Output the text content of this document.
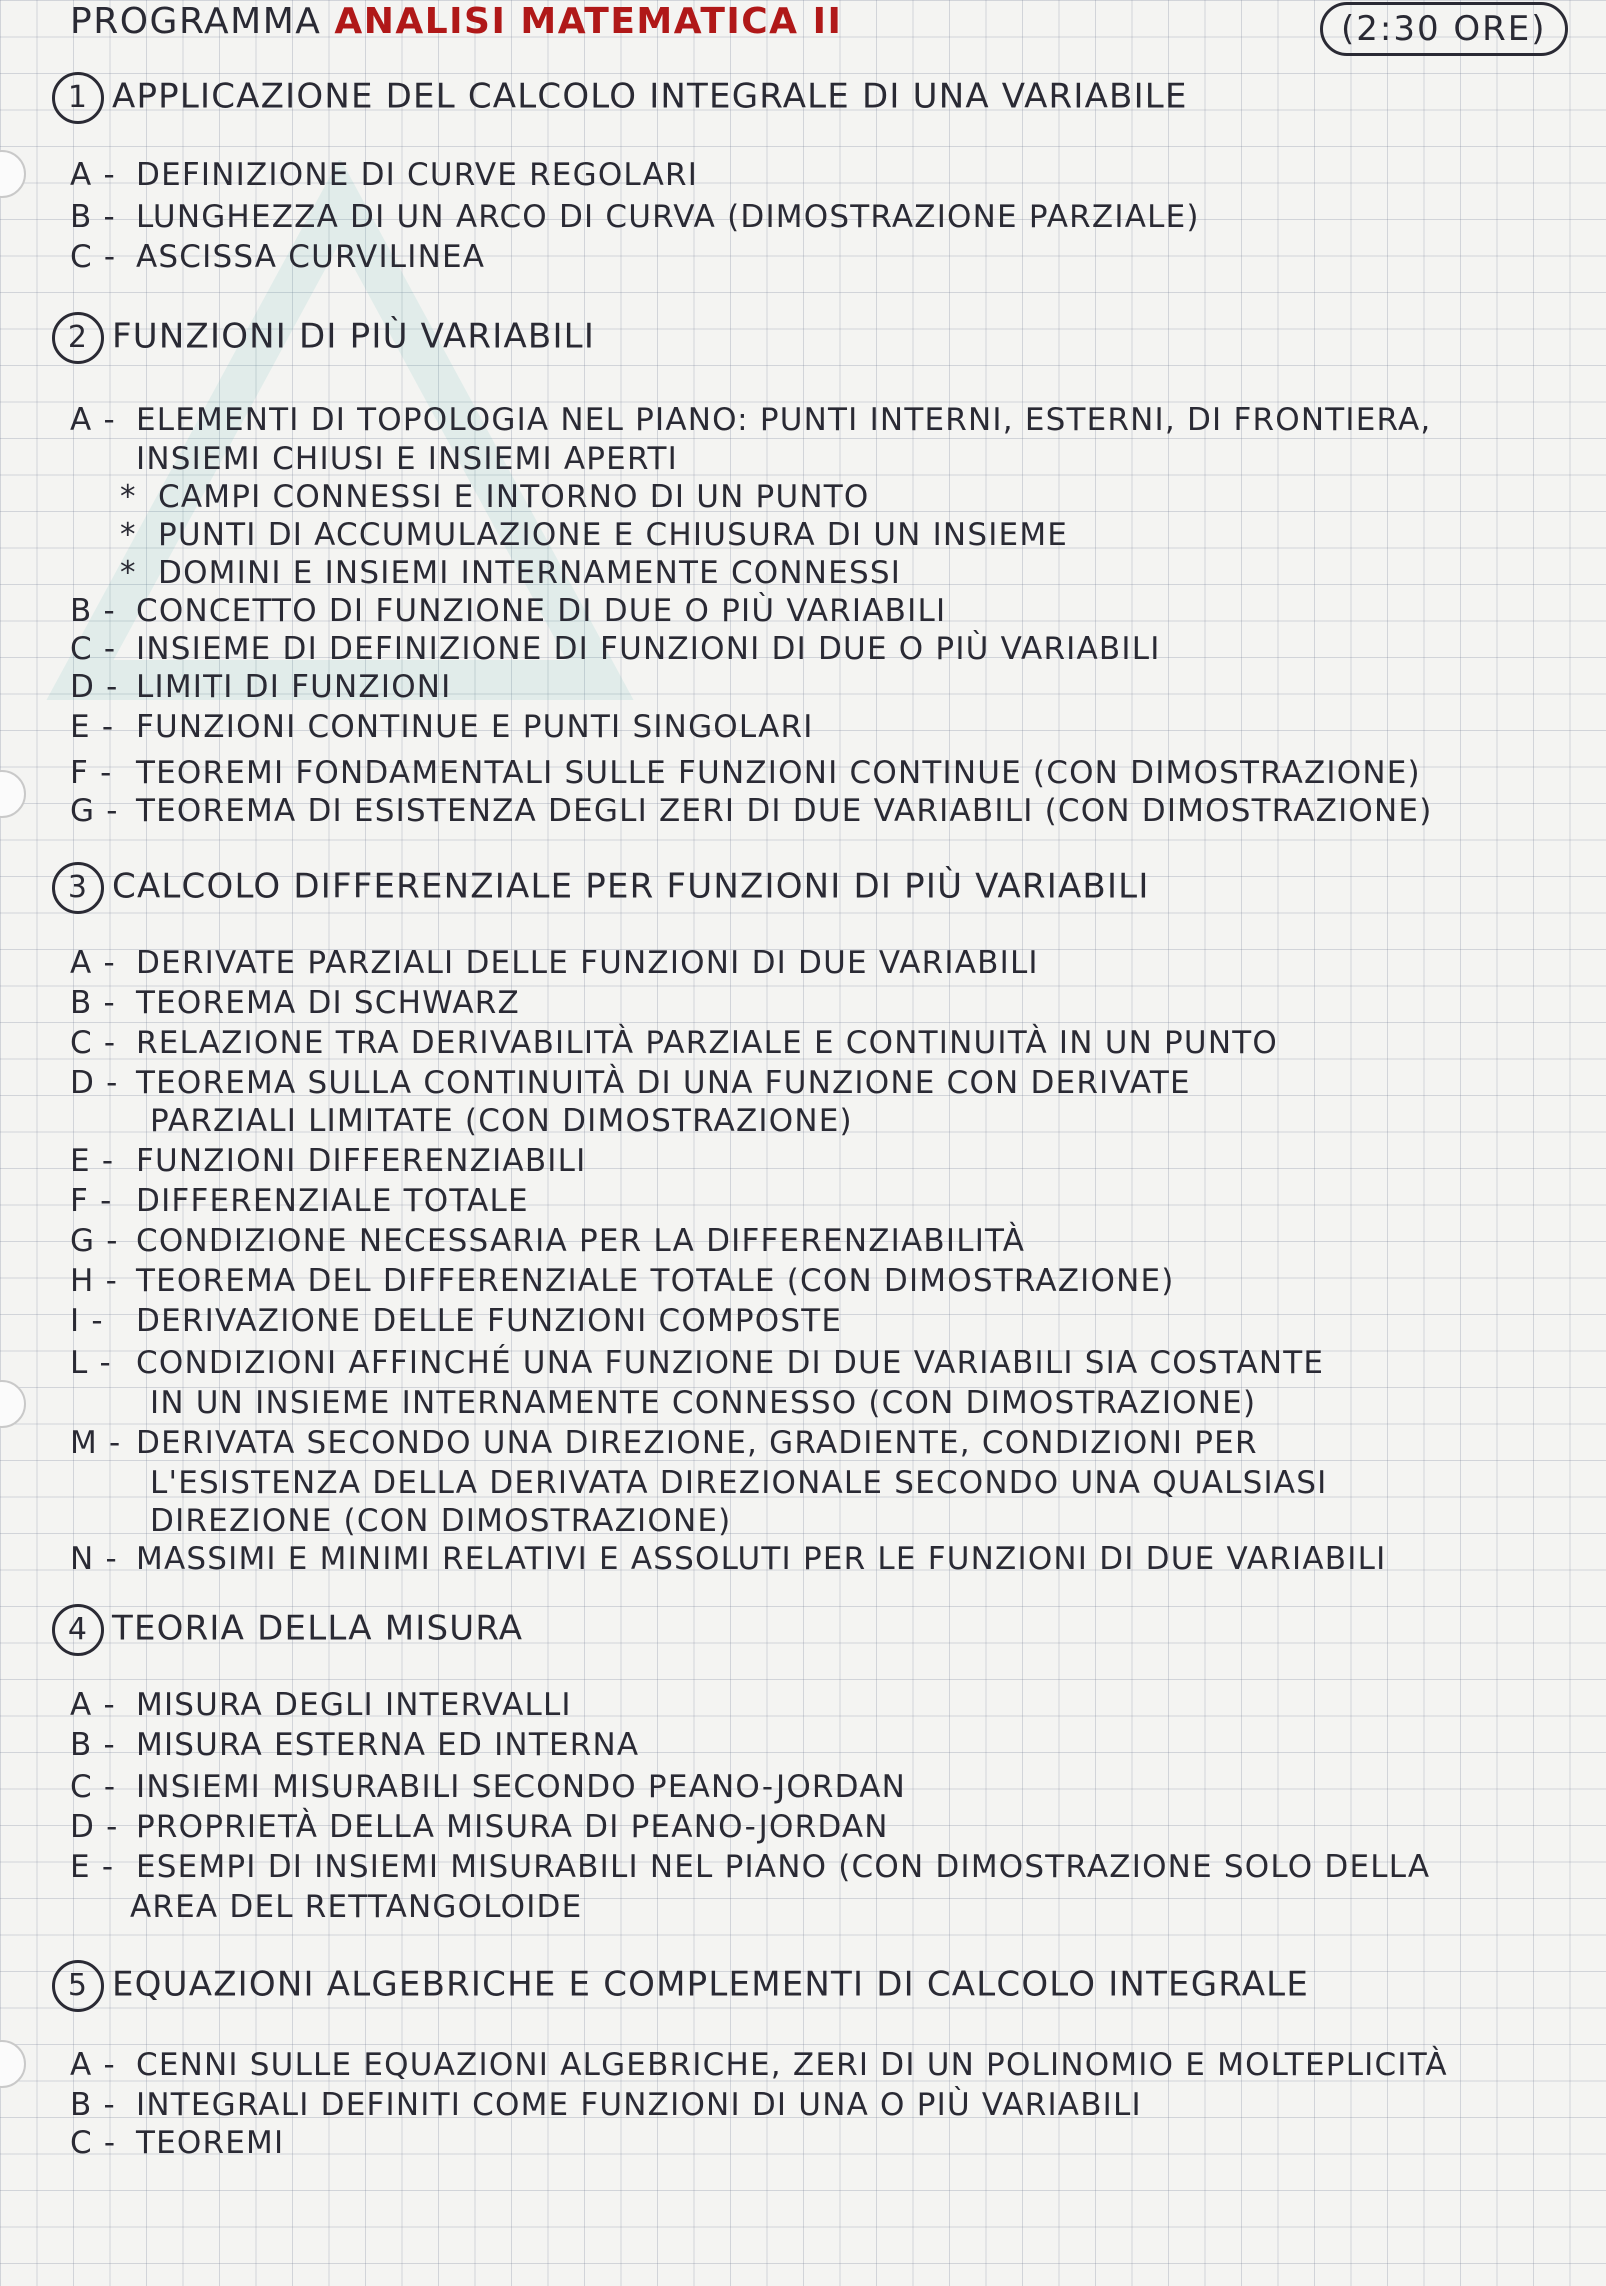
PROGRAMMA ANALISI MATEMATICA II	(2:30 ORE)
1 APPLICAZIONE DEL CALCOLO INTEGRALE DI UNA VARIABILE
A - DEFINIZIONE DI CURVE REGOLARI
B - LUNGHEZZA DI UN ARCO DI CURVA (DIMOSTRAZIONE PARZIALE)
C - ASCISSA CURVILINEA
2 FUNZIONI DI PIÙ VARIABILI
A - ELEMENTI DI TOPOLOGIA NEL PIANO: PUNTI INTERNI, ESTERNI, DI FRONTIERA,
INSIEMI CHIUSI E INSIEMI APERTI
* CAMPI CONNESSI E INTORNO DI UN PUNTO
* PUNTI DI ACCUMULAZIONE E CHIUSURA DI UN INSIEME
* DOMINI E INSIEMI INTERNAMENTE CONNESSI
B - CONCETTO DI FUNZIONE DI DUE O PIÙ VARIABILI
C - INSIEME DI DEFINIZIONE DI FUNZIONI DI DUE O PIÙ VARIABILI
D - LIMITI DI FUNZIONI
E - FUNZIONI CONTINUE E PUNTI SINGOLARI
F - TEOREMI FONDAMENTALI SULLE FUNZIONI CONTINUE (CON DIMOSTRAZIONE)
G - TEOREMA DI ESISTENZA DEGLI ZERI DI DUE VARIABILI (CON DIMOSTRAZIONE)
3 CALCOLO DIFFERENZIALE PER FUNZIONI DI PIÙ VARIABILI
A - DERIVATE PARZIALI DELLE FUNZIONI DI DUE VARIABILI
B - TEOREMA DI SCHWARZ
C - RELAZIONE TRA DERIVABILITÀ PARZIALE E CONTINUITÀ IN UN PUNTO
D - TEOREMA SULLA CONTINUITÀ DI UNA FUNZIONE CON DERIVATE
PARZIALI LIMITATE (CON DIMOSTRAZIONE)
E - FUNZIONI DIFFERENZIABILI
F - DIFFERENZIALE TOTALE
G - CONDIZIONE NECESSARIA PER LA DIFFERENZIABILITÀ
H - TEOREMA DEL DIFFERENZIALE TOTALE (CON DIMOSTRAZIONE)
I - DERIVAZIONE DELLE FUNZIONI COMPOSTE
L - CONDIZIONI AFFINCHÉ UNA FUNZIONE DI DUE VARIABILI SIA COSTANTE
IN UN INSIEME INTERNAMENTE CONNESSO (CON DIMOSTRAZIONE)
M - DERIVATA SECONDO UNA DIREZIONE, GRADIENTE, CONDIZIONI PER
L'ESISTENZA DELLA DERIVATA DIREZIONALE SECONDO UNA QUALSIASI
DIREZIONE (CON DIMOSTRAZIONE)
N - MASSIMI E MINIMI RELATIVI E ASSOLUTI PER LE FUNZIONI DI DUE VARIABILI
4 TEORIA DELLA MISURA
A - MISURA DEGLI INTERVALLI
B - MISURA ESTERNA ED INTERNA
C - INSIEMI MISURABILI SECONDO PEANO-JORDAN
D - PROPRIETÀ DELLA MISURA DI PEANO-JORDAN
E - ESEMPI DI INSIEMI MISURABILI NEL PIANO (CON DIMOSTRAZIONE SOLO DELLA
AREA DEL RETTANGOLOIDE
5 EQUAZIONI ALGEBRICHE E COMPLEMENTI DI CALCOLO INTEGRALE
A - CENNI SULLE EQUAZIONI ALGEBRICHE, ZERI DI UN POLINOMIO E MOLTEPLICITÀ
B - INTEGRALI DEFINITI COME FUNZIONI DI UNA O PIÙ VARIABILI
C - TEOREMI
